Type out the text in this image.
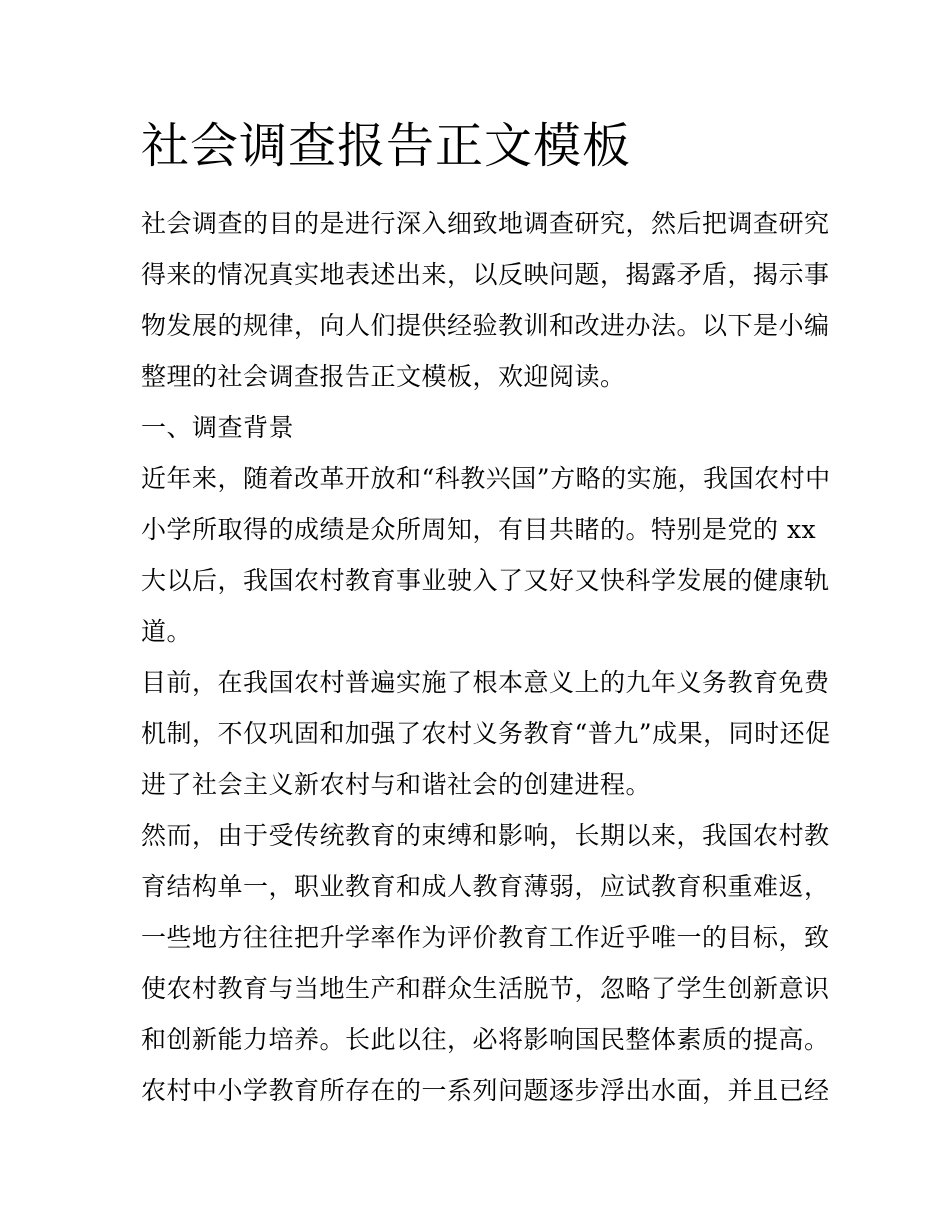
社会调查报告正文模板
社会调查的目的是进行深入细致地调查研究，然后把调查研究
得来的情况真实地表述出来，以反映问题，揭露矛盾，揭示事
物发展的规律，向人们提供经验教训和改进办法。以下是小编
整理的社会调查报告正文模板，欢迎阅读。
一、调查背景
近年来，随着改革开放和“科教兴国”方略的实施，我国农村中
小学所取得的成绩是众所周知，有目共睹的。特别是党的 xx
大以后，我国农村教育事业驶入了又好又快科学发展的健康轨
道。
目前，在我国农村普遍实施了根本意义上的九年义务教育免费
机制，不仅巩固和加强了农村义务教育“普九”成果，同时还促
进了社会主义新农村与和谐社会的创建进程。
然而，由于受传统教育的束缚和影响，长期以来，我国农村教
育结构单一，职业教育和成人教育薄弱，应试教育积重难返，
一些地方往往把升学率作为评价教育工作近乎唯一的目标，致
使农村教育与当地生产和群众生活脱节，忽略了学生创新意识
和创新能力培养。长此以往，必将影响国民整体素质的提高。
农村中小学教育所存在的一系列问题逐步浮出水面，并且已经
